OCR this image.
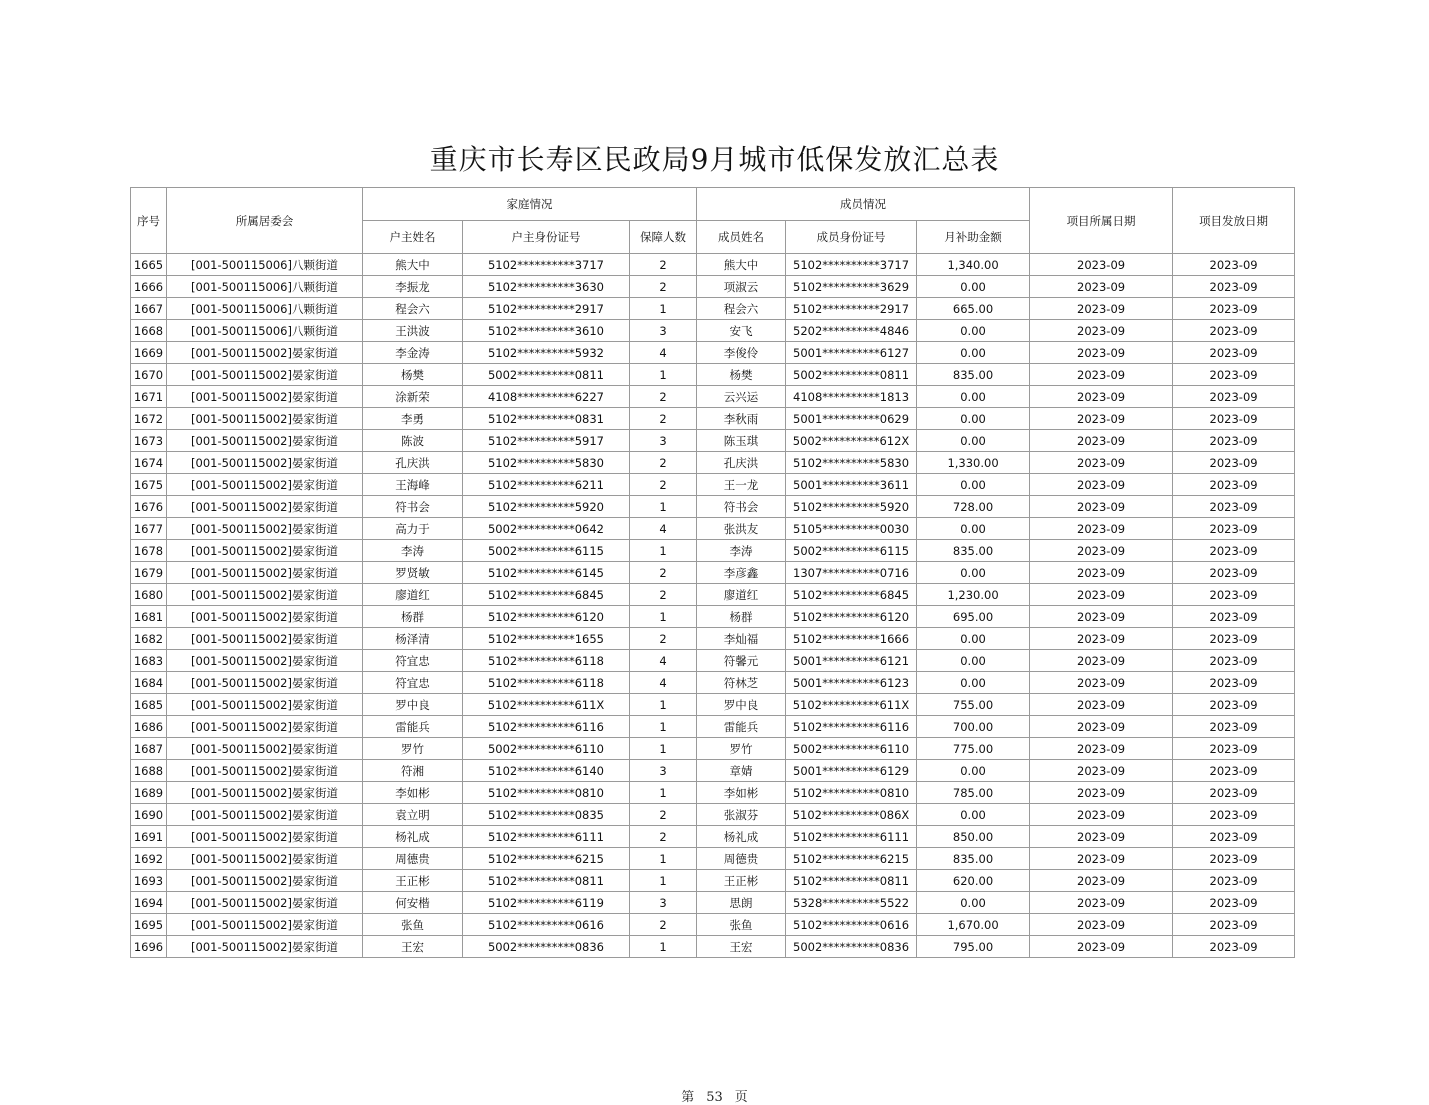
重庆市长寿区民政局9月城市低保发放汇总表
序号	所属居委会	家庭情况			成员情况			项目所属日期	项目发放日期
		户主姓名	户主身份证号	保障人数	成员姓名	成员身份证号	月补助金额		
1665	[001-500115006]八颗街道	熊大中	5102**********3717	2	熊大中	5102**********3717	1,340.00	2023-09	2023-09
1666	[001-500115006]八颗街道	李振龙	5102**********3630	2	项淑云	5102**********3629	0.00	2023-09	2023-09
1667	[001-500115006]八颗街道	程会六	5102**********2917	1	程会六	5102**********2917	665.00	2023-09	2023-09
1668	[001-500115006]八颗街道	王洪波	5102**********3610	3	安飞	5202**********4846	0.00	2023-09	2023-09
1669	[001-500115002]晏家街道	李金涛	5102**********5932	4	李俊伶	5001**********6127	0.00	2023-09	2023-09
1670	[001-500115002]晏家街道	杨樊	5002**********0811	1	杨樊	5002**********0811	835.00	2023-09	2023-09
1671	[001-500115002]晏家街道	涂新荣	4108**********6227	2	云兴运	4108**********1813	0.00	2023-09	2023-09
1672	[001-500115002]晏家街道	李勇	5102**********0831	2	李秋雨	5001**********0629	0.00	2023-09	2023-09
1673	[001-500115002]晏家街道	陈波	5102**********5917	3	陈玉琪	5002**********612X	0.00	2023-09	2023-09
1674	[001-500115002]晏家街道	孔庆洪	5102**********5830	2	孔庆洪	5102**********5830	1,330.00	2023-09	2023-09
1675	[001-500115002]晏家街道	王海峰	5102**********6211	2	王一龙	5001**********3611	0.00	2023-09	2023-09
1676	[001-500115002]晏家街道	符书会	5102**********5920	1	符书会	5102**********5920	728.00	2023-09	2023-09
1677	[001-500115002]晏家街道	高力于	5002**********0642	4	张洪友	5105**********0030	0.00	2023-09	2023-09
1678	[001-500115002]晏家街道	李涛	5002**********6115	1	李涛	5002**********6115	835.00	2023-09	2023-09
1679	[001-500115002]晏家街道	罗贤敏	5102**********6145	2	李彦鑫	1307**********0716	0.00	2023-09	2023-09
1680	[001-500115002]晏家街道	廖道红	5102**********6845	2	廖道红	5102**********6845	1,230.00	2023-09	2023-09
1681	[001-500115002]晏家街道	杨群	5102**********6120	1	杨群	5102**********6120	695.00	2023-09	2023-09
1682	[001-500115002]晏家街道	杨泽清	5102**********1655	2	李灿福	5102**********1666	0.00	2023-09	2023-09
1683	[001-500115002]晏家街道	符宜忠	5102**********6118	4	符馨元	5001**********6121	0.00	2023-09	2023-09
1684	[001-500115002]晏家街道	符宜忠	5102**********6118	4	符林芝	5001**********6123	0.00	2023-09	2023-09
1685	[001-500115002]晏家街道	罗中良	5102**********611X	1	罗中良	5102**********611X	755.00	2023-09	2023-09
1686	[001-500115002]晏家街道	雷能兵	5102**********6116	1	雷能兵	5102**********6116	700.00	2023-09	2023-09
1687	[001-500115002]晏家街道	罗竹	5002**********6110	1	罗竹	5002**********6110	775.00	2023-09	2023-09
1688	[001-500115002]晏家街道	符湘	5102**********6140	3	章婧	5001**********6129	0.00	2023-09	2023-09
1689	[001-500115002]晏家街道	李如彬	5102**********0810	1	李如彬	5102**********0810	785.00	2023-09	2023-09
1690	[001-500115002]晏家街道	袁立明	5102**********0835	2	张淑芬	5102**********086X	0.00	2023-09	2023-09
1691	[001-500115002]晏家街道	杨礼成	5102**********6111	2	杨礼成	5102**********6111	850.00	2023-09	2023-09
1692	[001-500115002]晏家街道	周德贵	5102**********6215	1	周德贵	5102**********6215	835.00	2023-09	2023-09
1693	[001-500115002]晏家街道	王正彬	5102**********0811	1	王正彬	5102**********0811	620.00	2023-09	2023-09
1694	[001-500115002]晏家街道	何安楷	5102**********6119	3	思朗	5328**********5522	0.00	2023-09	2023-09
1695	[001-500115002]晏家街道	张鱼	5102**********0616	2	张鱼	5102**********0616	1,670.00	2023-09	2023-09
1696	[001-500115002]晏家街道	王宏	5002**********0836	1	王宏	5002**********0836	795.00	2023-09	2023-09
第 53 页
